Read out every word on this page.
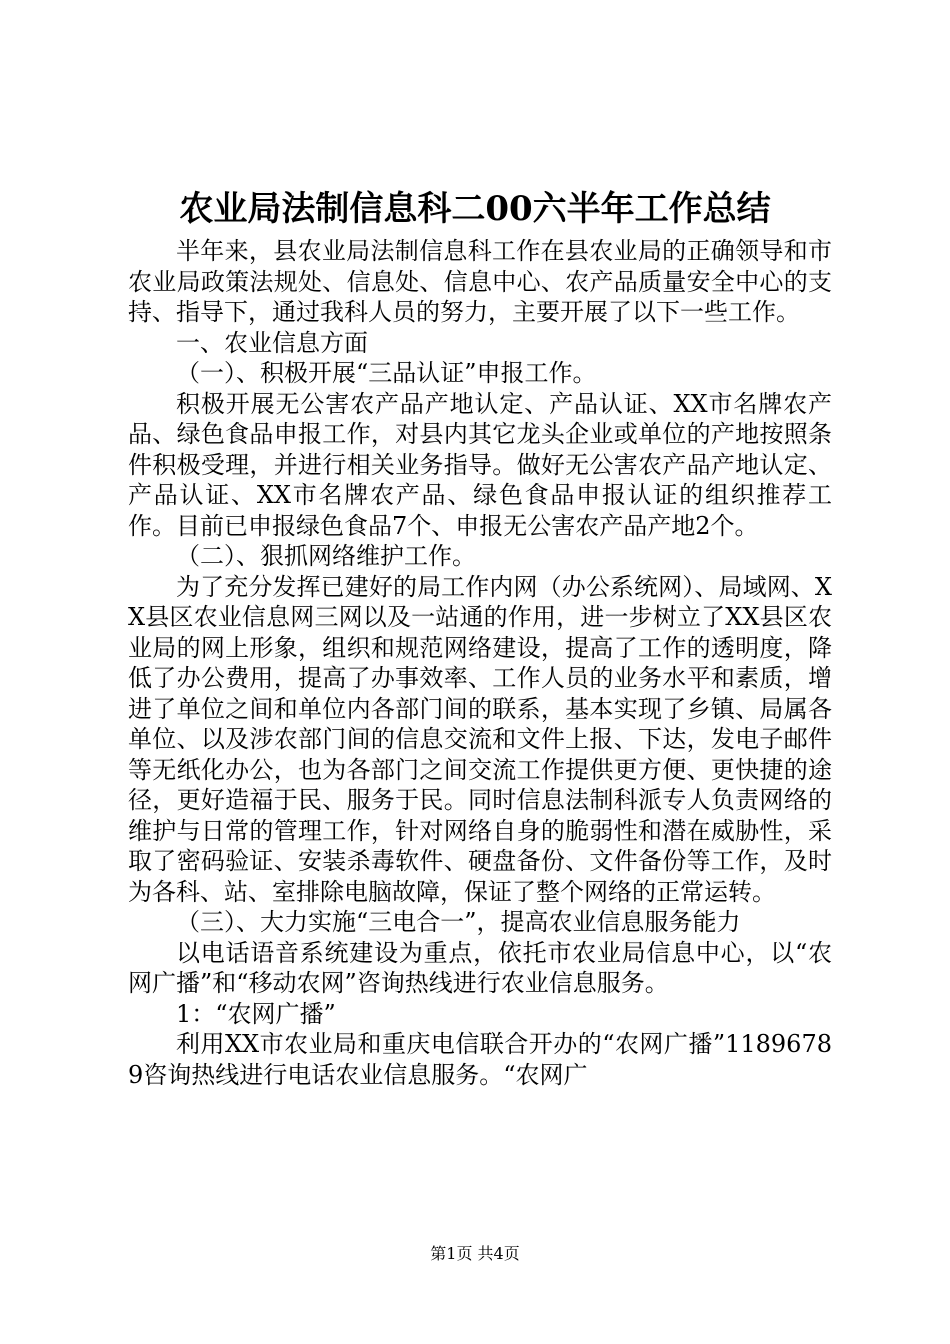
农业局法制信息科二00六半年工作总结

半年来，县农业局法制信息科工作在县农业局的正确领导和市农业局政策法规处、信息处、信息中心、农产品质量安全中心的支持、指导下，通过我科人员的努力，主要开展了以下一些工作。

一、农业信息方面

（一）、积极开展“三品认证”申报工作。

积极开展无公害农产品产地认定、产品认证、XX市名牌农产品、绿色食品申报工作，对县内其它龙头企业或单位的产地按照条件积极受理，并进行相关业务指导。做好无公害农产品产地认定、产品认证、XX市名牌农产品、绿色食品申报认证的组织推荐工作。目前已申报绿色食品7个、申报无公害农产品产地2个。

（二）、狠抓网络维护工作。

为了充分发挥已建好的局工作内网（办公系统网）、局域网、XX县区农业信息网三网以及一站通的作用，进一步树立了XX县区农业局的网上形象，组织和规范网络建设，提高了工作的透明度，降低了办公费用，提高了办事效率、工作人员的业务水平和素质，增进了单位之间和单位内各部门间的联系，基本实现了乡镇、局属各单位、以及涉农部门间的信息交流和文件上报、下达，发电子邮件等无纸化办公，也为各部门之间交流工作提供更方便、更快捷的途径，更好造福于民、服务于民。同时信息法制科派专人负责网络的维护与日常的管理工作，针对网络自身的脆弱性和潜在威胁性，采取了密码验证、安装杀毒软件、硬盘备份、文件备份等工作，及时为各科、站、室排除电脑故障，保证了整个网络的正常运转。

（三）、大力实施“三电合一”，提高农业信息服务能力

以电话语音系统建设为重点，依托市农业局信息中心，以“农网广播”和“移动农网”咨询热线进行农业信息服务。

1：“农网广播”

利用XX市农业局和重庆电信联合开办的“农网广播”11896789咨询热线进行电话农业信息服务。“农网广

第1页 共4页
